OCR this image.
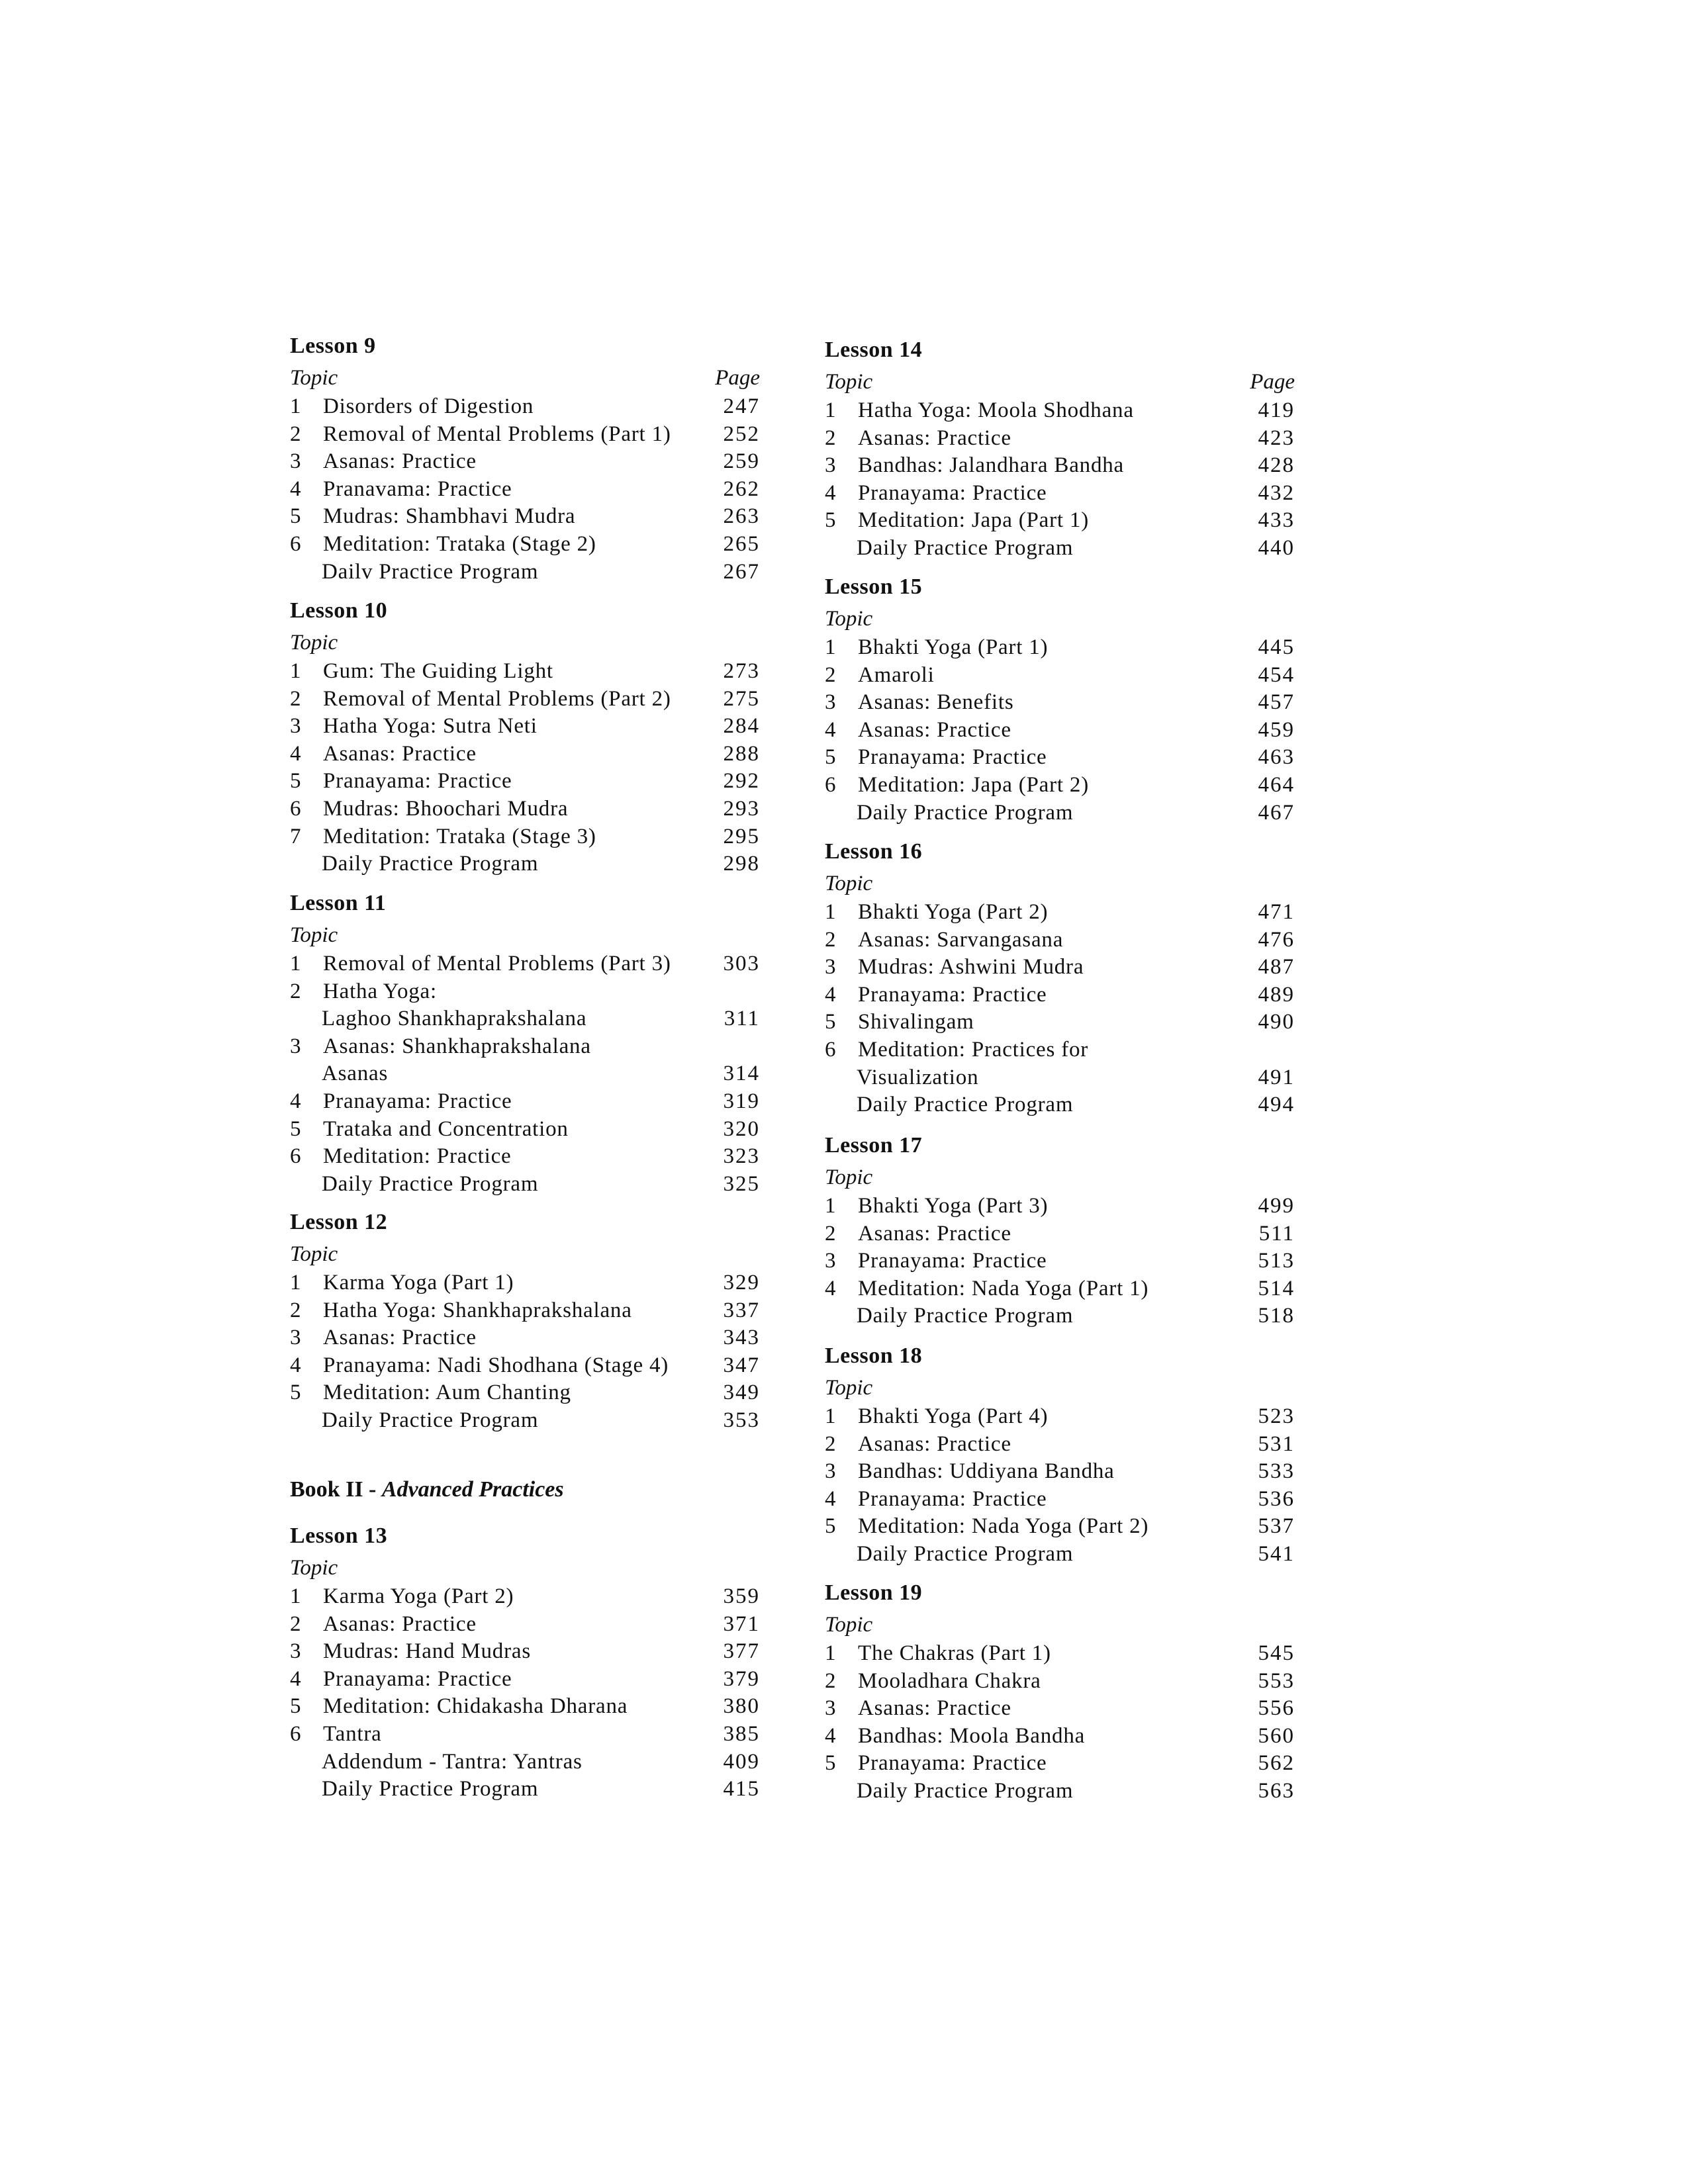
Lesson 9
Topic	Page
1 Disorders of Digestion	247
2 Removal of Mental Problems (Part 1) 252
3 Asanas: Practice	259
4 Pranavama: Practice	262
5 Mudras: Shambhavi Mudra	263
6 Meditation: Trataka (Stage 2)	265
Dailv Practice Program	267
Lesson 10
Topic
1 Gum: The Guiding Light	273
2 Removal of Mental Problems (Part 2) 275
3 Hatha Yoga: Sutra Neti	284
4 Asanas: Practice	288
5 Pranayama: Practice	292
6 Mudras: Bhoochari Mudra	293
7 Meditation: Trataka (Stage 3)	295
Daily Practice Program	298
Lesson 11
Topic
1 Removal of Mental Problems (Part 3) 303
2 Hatha Yoga:
Laghoo Shankhaprakshalana	311
3 Asanas: Shankhaprakshalana
Asanas	314
4 Pranayama: Practice	319
5 Trataka and Concentration	320
6 Meditation: Practice	323
Daily Practice Program	325
Lesson 12
Topic
1 Karma Yoga (Part 1)	329
2 Hatha Yoga: Shankhaprakshalana	337
3 Asanas: Practice	343
4 Pranayama: Nadi Shodhana (Stage 4) 347
5 Meditation: Aum Chanting	349
Daily Practice Program	353
Book II - Advanced Practices
Lesson 13
Topic
1 Karma Yoga (Part 2)	359
2 Asanas: Practice	371
3 Mudras: Hand Mudras	377
4 Pranayama: Practice	379
5 Meditation: Chidakasha Dharana	380
6 Tantra	385
Addendum - Tantra: Yantras	409
Daily Practice Program	415
Lesson 14
Topic	Page
1 Hatha Yoga: Moola Shodhana	419
2 Asanas: Practice	423
3 Bandhas: Jalandhara Bandha	428
4 Pranayama: Practice	432
5 Meditation: Japa (Part 1)	433
Daily Practice Program	440
Lesson 15
Topic
1 Bhakti Yoga (Part 1)	445
2 Amaroli	454
3 Asanas: Benefits	457
4 Asanas: Practice	459
5 Pranayama: Practice	463
6 Meditation: Japa (Part 2)	464
Daily Practice Program	467
Lesson 16
Topic
1 Bhakti Yoga (Part 2)	471
2 Asanas: Sarvangasana	476
3 Mudras: Ashwini Mudra	487
4 Pranayama: Practice	489
5 Shivalingam	490
6 Meditation: Practices for
Visualization	491
Daily Practice Program	494
Lesson 17
Topic
1 Bhakti Yoga (Part 3)	499
2 Asanas: Practice	511
3 Pranayama: Practice	513
4 Meditation: Nada Yoga (Part 1)	514
Daily Practice Program	518
Lesson 18
Topic
1 Bhakti Yoga (Part 4)	523
2 Asanas: Practice	531
3 Bandhas: Uddiyana Bandha	533
4 Pranayama: Practice	536
5 Meditation: Nada Yoga (Part 2)	537
Daily Practice Program	541
Lesson 19
Topic
1 The Chakras (Part 1)	545
2 Mooladhara Chakra	553
3 Asanas: Practice	556
4 Bandhas: Moola Bandha	560
5 Pranayama: Practice	562
Daily Practice Program	563
